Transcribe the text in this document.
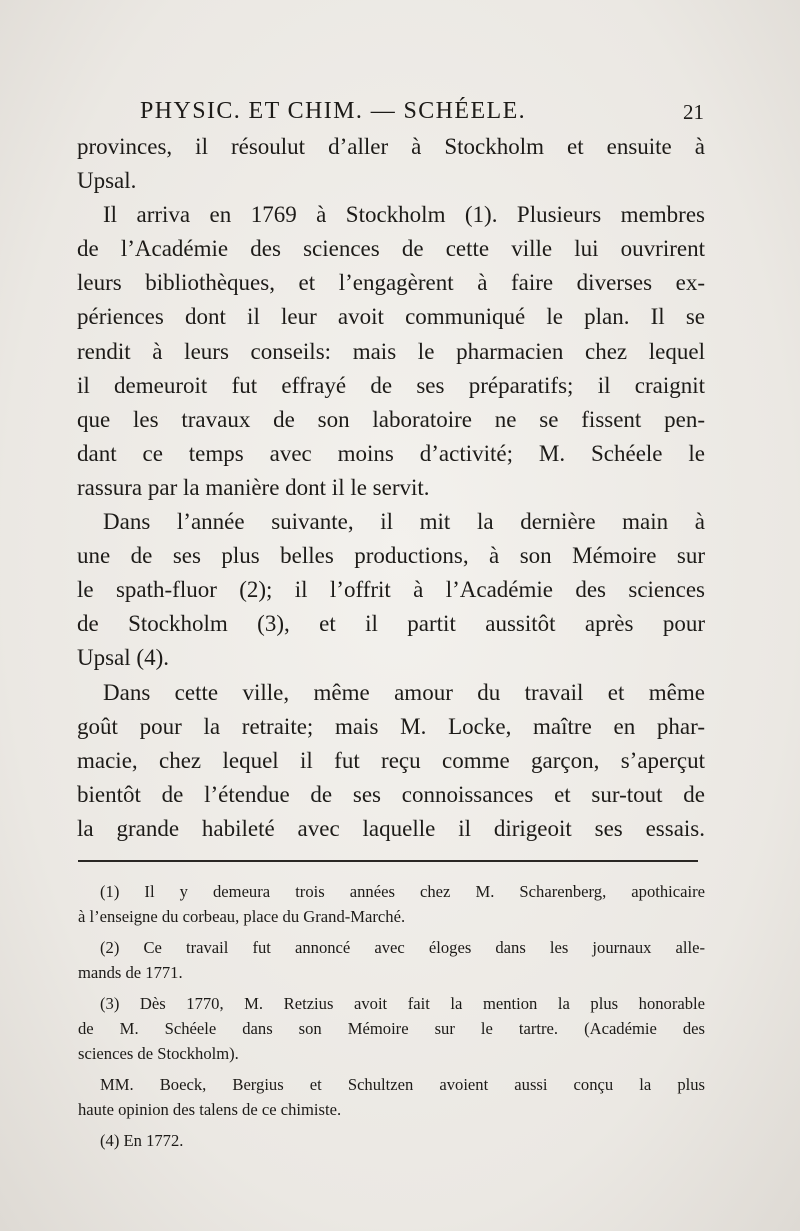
PHYSIC. ET CHIM. — SCHÉELE.	21
provinces, il résoulut d’aller à Stockholm et ensuite à
Upsal.
Il arriva en 1769 à Stockholm (1). Plusieurs membres
de l’Académie des sciences de cette ville lui ouvrirent
leurs bibliothèques, et l’engagèrent à faire diverses ex-
périences dont il leur avoit communiqué le plan. Il se
rendit à leurs conseils: mais le pharmacien chez lequel
il demeuroit fut effrayé de ses préparatifs; il craignit
que les travaux de son laboratoire ne se fissent pen-
dant ce temps avec moins d’activité; M. Schéele le
rassura par la manière dont il le servit.
Dans l’année suivante, il mit la dernière main à
une de ses plus belles productions, à son Mémoire sur
le spath-fluor (2); il l’offrit à l’Académie des sciences
de Stockholm (3), et il partit aussitôt après pour
Upsal (4).
Dans cette ville, même amour du travail et même
goût pour la retraite; mais M. Locke, maître en phar-
macie, chez lequel il fut reçu comme garçon, s’aperçut
bientôt de l’étendue de ses connoissances et sur-tout de
la grande habileté avec laquelle il dirigeoit ses essais.
(1) Il y demeura trois années chez M. Scharenberg, apothicaire
à l’enseigne du corbeau, place du Grand-Marché.
(2) Ce travail fut annoncé avec éloges dans les journaux alle-
mands de 1771.
(3) Dès 1770, M. Retzius avoit fait la mention la plus honorable
de M. Schéele dans son Mémoire sur le tartre. (Académie des
sciences de Stockholm).
MM. Boeck, Bergius et Schultzen avoient aussi conçu la plus
haute opinion des talens de ce chimiste.
(4) En 1772.
